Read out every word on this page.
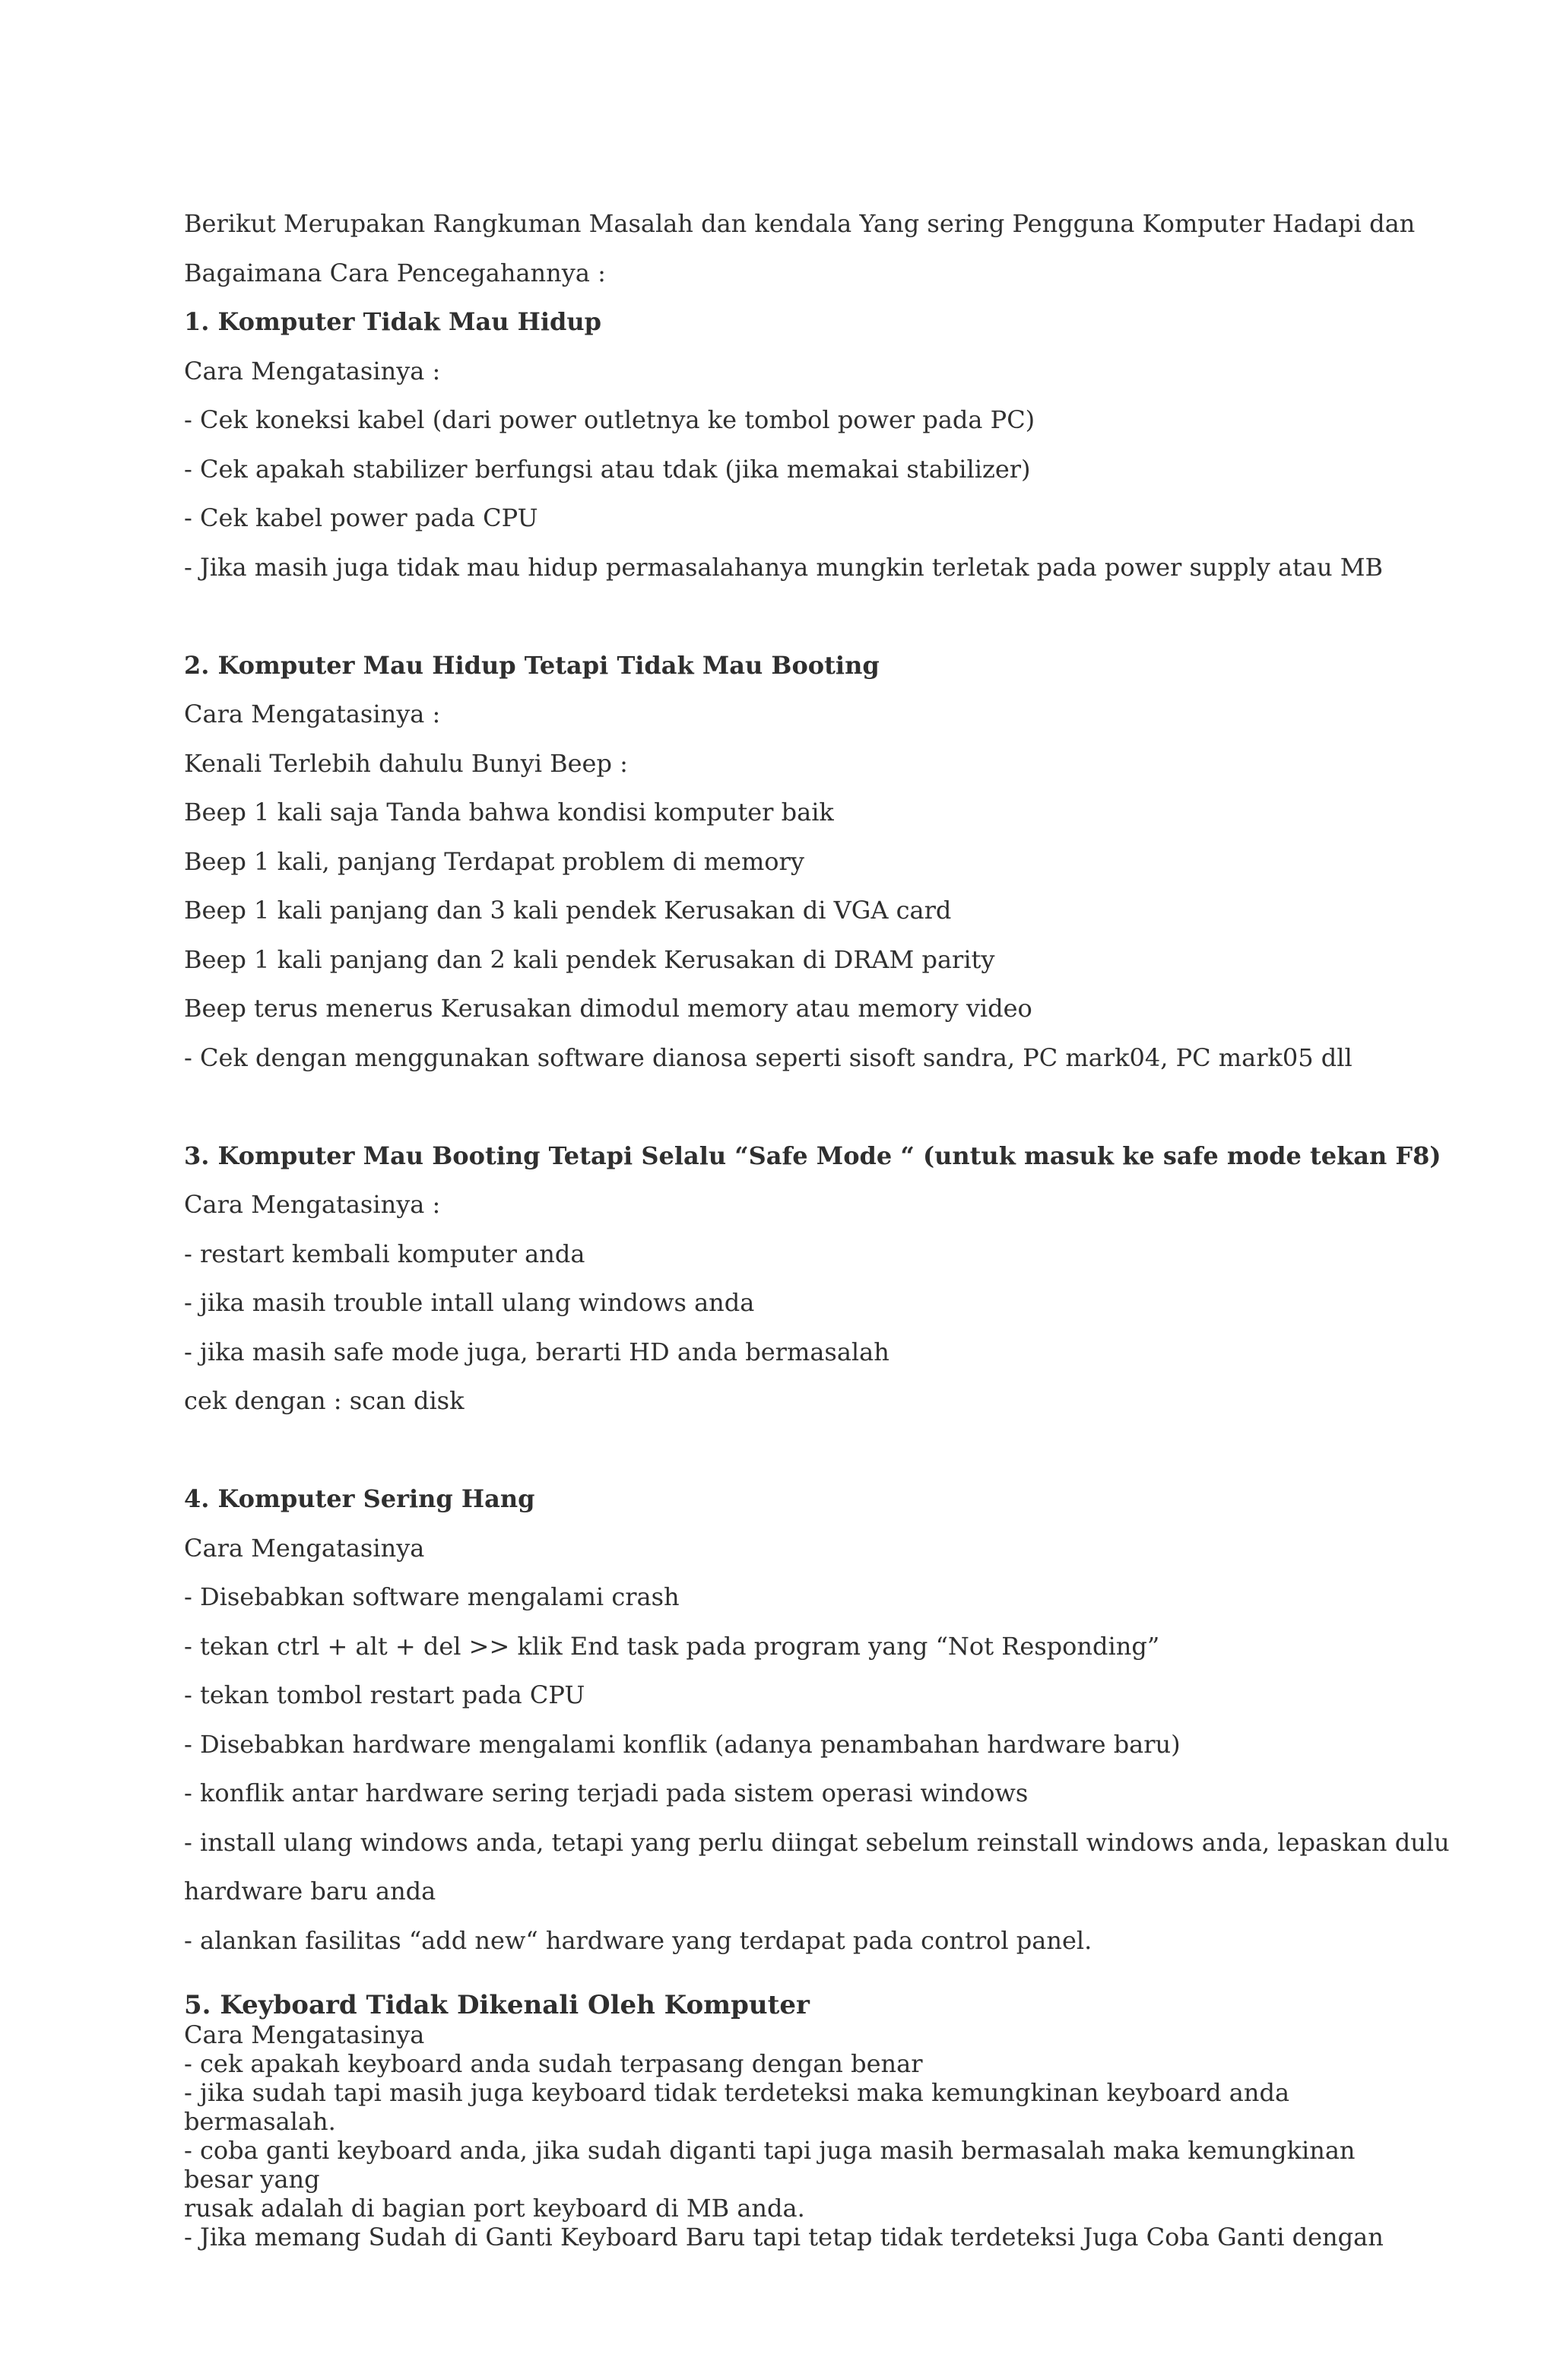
Berikut Merupakan Rangkuman Masalah dan kendala Yang sering Pengguna Komputer Hadapi dan

Bagaimana Cara Pencegahannya :

1. Komputer Tidak Mau Hidup

Cara Mengatasinya :

- Cek koneksi kabel (dari power outletnya ke tombol power pada PC)

- Cek apakah stabilizer berfungsi atau tdak (jika memakai stabilizer)

- Cek kabel power pada CPU

- Jika masih juga tidak mau hidup permasalahanya mungkin terletak pada power supply atau MB

2. Komputer Mau Hidup Tetapi Tidak Mau Booting

Cara Mengatasinya :

Kenali Terlebih dahulu Bunyi Beep :

Beep 1 kali saja Tanda bahwa kondisi komputer baik

Beep 1 kali, panjang Terdapat problem di memory

Beep 1 kali panjang dan 3 kali pendek Kerusakan di VGA card

Beep 1 kali panjang dan 2 kali pendek Kerusakan di DRAM parity

Beep terus menerus Kerusakan dimodul memory atau memory video

- Cek dengan menggunakan software dianosa seperti sisoft sandra, PC mark04, PC mark05 dll

3. Komputer Mau Booting Tetapi Selalu “Safe Mode “ (untuk masuk ke safe mode tekan F8)

Cara Mengatasinya :

- restart kembali komputer anda

- jika masih trouble intall ulang windows anda

- jika masih safe mode juga, berarti HD anda bermasalah

cek dengan : scan disk

4. Komputer Sering Hang

Cara Mengatasinya

- Disebabkan software mengalami crash

- tekan ctrl + alt + del >> klik End task pada program yang “Not Responding”

- tekan tombol restart pada CPU

- Disebabkan hardware mengalami konflik (adanya penambahan hardware baru)

- konflik antar hardware sering terjadi pada sistem operasi windows

- install ulang windows anda, tetapi yang perlu diingat sebelum reinstall windows anda, lepaskan dulu

hardware baru anda

- alankan fasilitas “add new“ hardware yang terdapat pada control panel.

5. Keyboard Tidak Dikenali Oleh Komputer

Cara Mengatasinya

- cek apakah keyboard anda sudah terpasang dengan benar

- jika sudah tapi masih juga keyboard tidak terdeteksi maka kemungkinan keyboard anda bermasalah.

- coba ganti keyboard anda, jika sudah diganti tapi juga masih bermasalah maka kemungkinan besar yang

rusak adalah di bagian port keyboard di MB anda.

- Jika memang Sudah di Ganti Keyboard Baru tapi tetap tidak terdeteksi Juga Coba Ganti dengan
